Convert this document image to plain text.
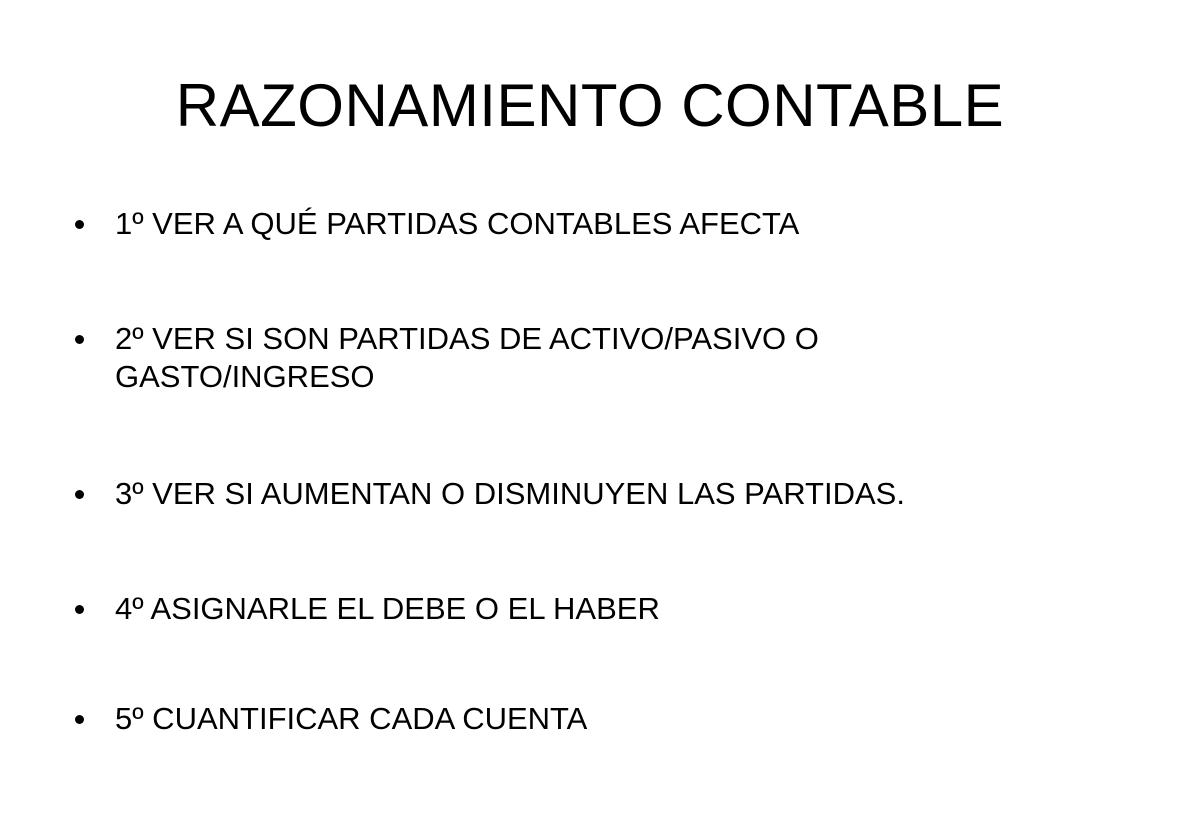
RAZONAMIENTO CONTABLE
1º VER A QUÉ PARTIDAS CONTABLES AFECTA
2º VER SI SON PARTIDAS DE ACTIVO/PASIVO O GASTO/INGRESO
3º VER SI AUMENTAN O DISMINUYEN LAS PARTIDAS.
4º ASIGNARLE EL DEBE O EL HABER
5º CUANTIFICAR CADA CUENTA
